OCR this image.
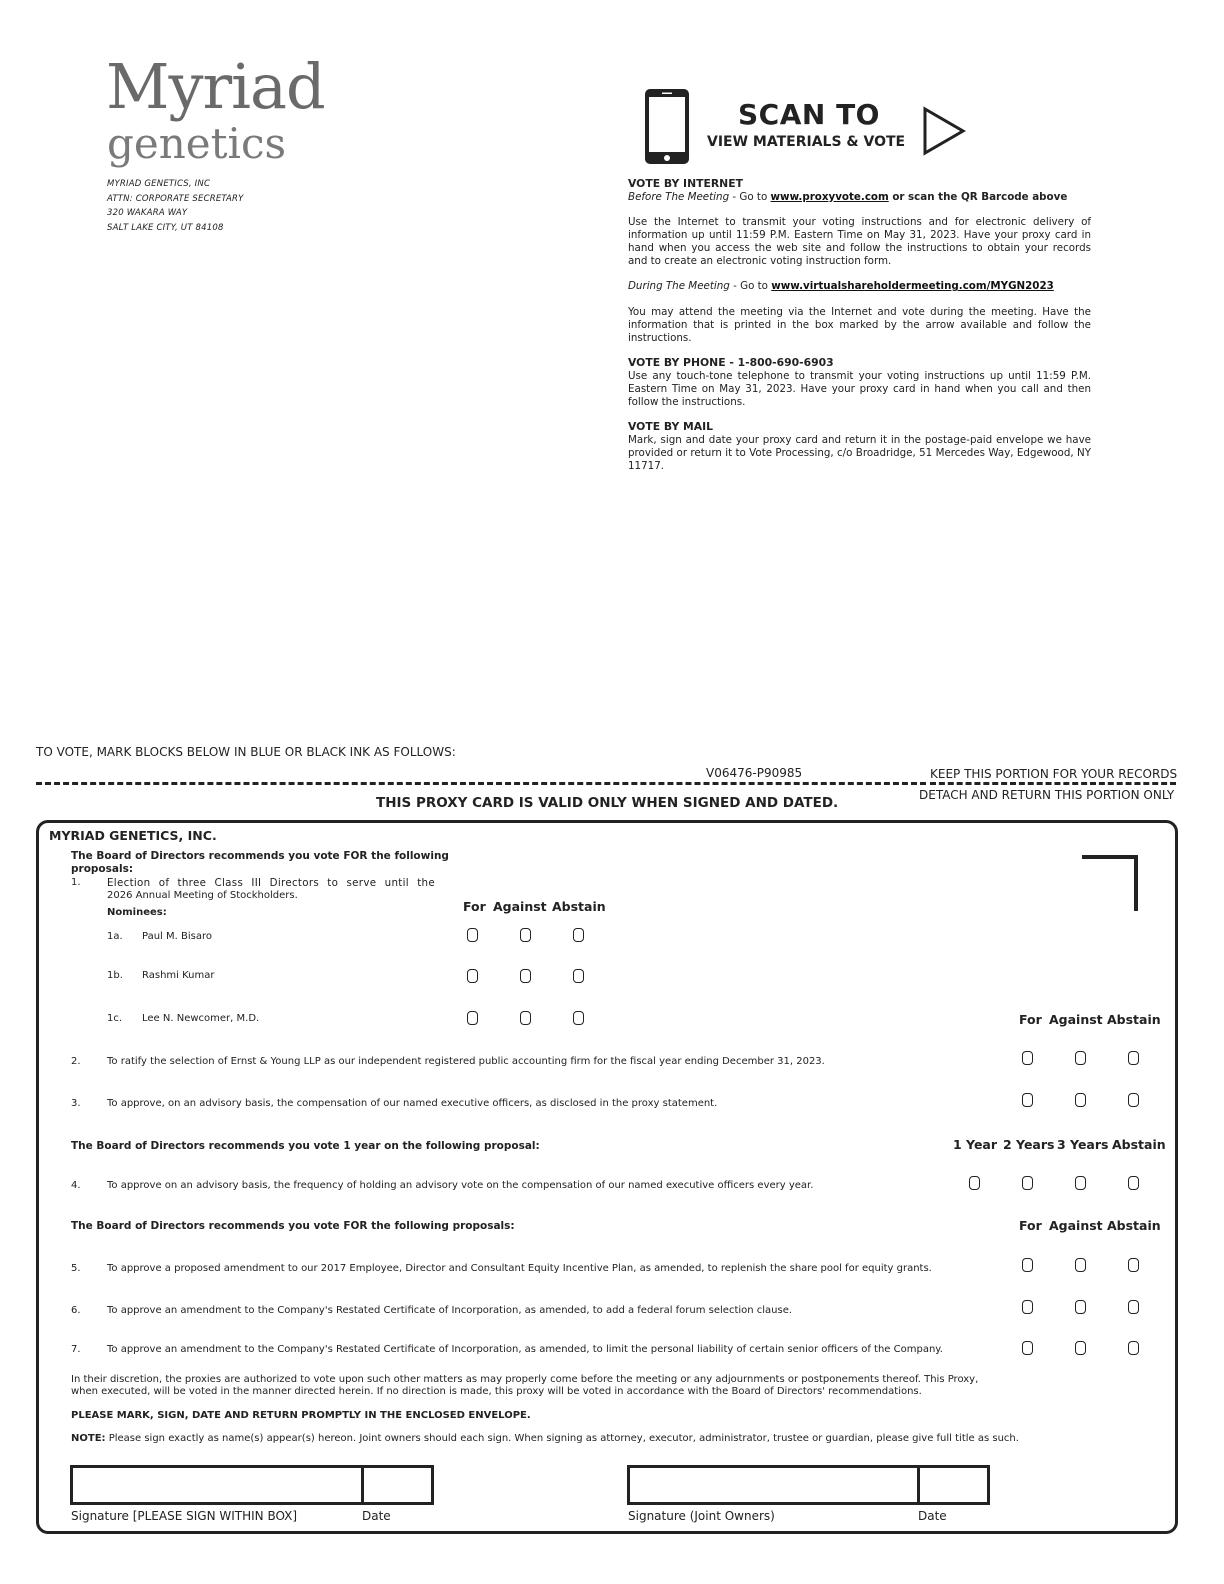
Myriad
genetics
MYRIAD GENETICS, INC
ATTN: CORPORATE SECRETARY
320 WAKARA WAY
SALT LAKE CITY, UT 84108
SCAN TO
VIEW MATERIALS & VOTE

VOTE BY INTERNET

Before The Meeting - Go to www.proxyvote.com or scan the QR Barcode above

Use the Internet to transmit your voting instructions and for electronic delivery of information up until 11:59 P.M. Eastern Time on May 31, 2023. Have your proxy card in hand when you access the web site and follow the instructions to obtain your records and to create an electronic voting instruction form.

During The Meeting - Go to www.virtualshareholdermeeting.com/MYGN2023

You may attend the meeting via the Internet and vote during the meeting. Have the information that is printed in the box marked by the arrow available and follow the instructions.

VOTE BY PHONE - 1-800-690-6903

Use any touch-tone telephone to transmit your voting instructions up until 11:59 P.M. Eastern Time on May 31, 2023. Have your proxy card in hand when you call and then follow the instructions.

VOTE BY MAIL

Mark, sign and date your proxy card and return it in the postage-paid envelope we have provided or return it to Vote Processing, c/o Broadridge, 51 Mercedes Way, Edgewood, NY 11717.

TO VOTE, MARK BLOCKS BELOW IN BLUE OR BLACK INK AS FOLLOWS:
V06476-P90985	KEEP THIS PORTION FOR YOUR RECORDS
DETACH AND RETURN THIS PORTION ONLY
THIS PROXY CARD IS VALID ONLY WHEN SIGNED AND DATED.
MYRIAD GENETICS, INC.
The Board of Directors recommends you vote FOR the following
proposals:
1.	Election of three Class III Directors to serve until the
2026 Annual Meeting of Stockholders.
Nominees:	For Against Abstain
1a. Paul M. Bisaro
1b. Rashmi Kumar
1c. Lee N. Newcomer, M.D.	For Against Abstain
2.	To ratify the selection of Ernst & Young LLP as our independent registered public accounting firm for the fiscal year ending December 31, 2023.
3.	To approve, on an advisory basis, the compensation of our named executive officers, as disclosed in the proxy statement.
The Board of Directors recommends you vote 1 year on the following proposal:	1 Year 2 Years 3 Years Abstain
4.	To approve on an advisory basis, the frequency of holding an advisory vote on the compensation of our named executive officers every year.
The Board of Directors recommends you vote FOR the following proposals:	For Against Abstain
5.	To approve a proposed amendment to our 2017 Employee, Director and Consultant Equity Incentive Plan, as amended, to replenish the share pool for equity grants.
6.	To approve an amendment to the Company's Restated Certificate of Incorporation, as amended, to add a federal forum selection clause.
7.	To approve an amendment to the Company's Restated Certificate of Incorporation, as amended, to limit the personal liability of certain senior officers of the Company.
In their discretion, the proxies are authorized to vote upon such other matters as may properly come before the meeting or any adjournments or postponements thereof. This Proxy,
when executed, will be voted in the manner directed herein. If no direction is made, this proxy will be voted in accordance with the Board of Directors' recommendations.
PLEASE MARK, SIGN, DATE AND RETURN PROMPTLY IN THE ENCLOSED ENVELOPE.
NOTE: Please sign exactly as name(s) appear(s) hereon. Joint owners should each sign. When signing as attorney, executor, administrator, trustee or guardian, please give full title as such.
Signature [PLEASE SIGN WITHIN BOX]	Date	Signature (Joint Owners)	Date
